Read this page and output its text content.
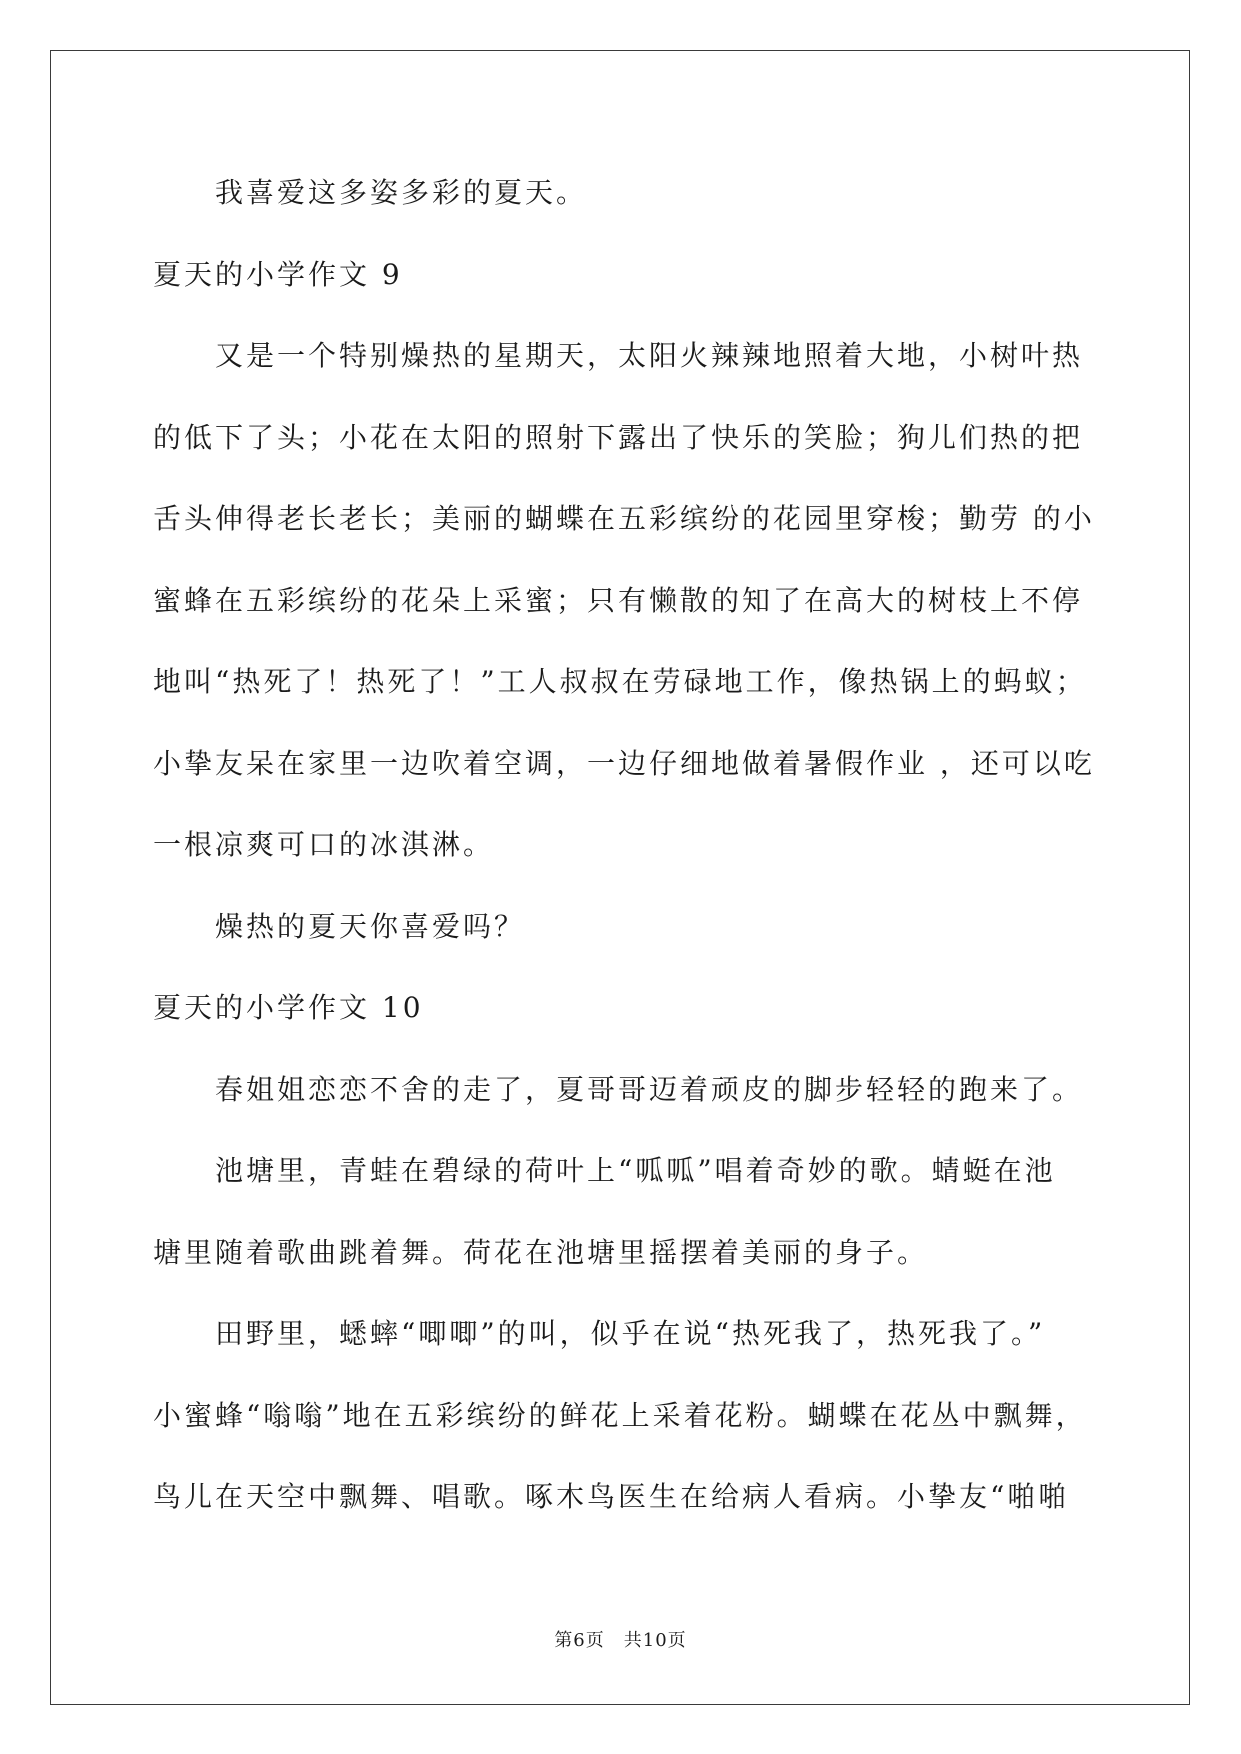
我喜爱这多姿多彩的夏天。
夏天的小学作文 9
又是一个特别燥热的星期天，太阳火辣辣地照着大地，小树叶热
的低下了头；小花在太阳的照射下露出了快乐的笑脸；狗儿们热的把
舌头伸得老长老长；美丽的蝴蝶在五彩缤纷的花园里穿梭；勤劳 的小
蜜蜂在五彩缤纷的花朵上采蜜；只有懒散的知了在高大的树枝上不停
地叫“热死了！热死了！”工人叔叔在劳碌地工作，像热锅上的蚂蚁；
小挚友呆在家里一边吹着空调，一边仔细地做着暑假作业 ，还可以吃
一根凉爽可口的冰淇淋。
燥热的夏天你喜爱吗？
夏天的小学作文 10
春姐姐恋恋不舍的走了，夏哥哥迈着顽皮的脚步轻轻的跑来了。
池塘里，青蛙在碧绿的荷叶上“呱呱”唱着奇妙的歌。蜻蜓在池
塘里随着歌曲跳着舞。荷花在池塘里摇摆着美丽的身子。
田野里，蟋蟀“唧唧”的叫，似乎在说“热死我了，热死我了。”
小蜜蜂“嗡嗡”地在五彩缤纷的鲜花上采着花粉。蝴蝶在花丛中飘舞，
鸟儿在天空中飘舞、唱歌。啄木鸟医生在给病人看病。小挚友“啪啪
第6页　共10页
